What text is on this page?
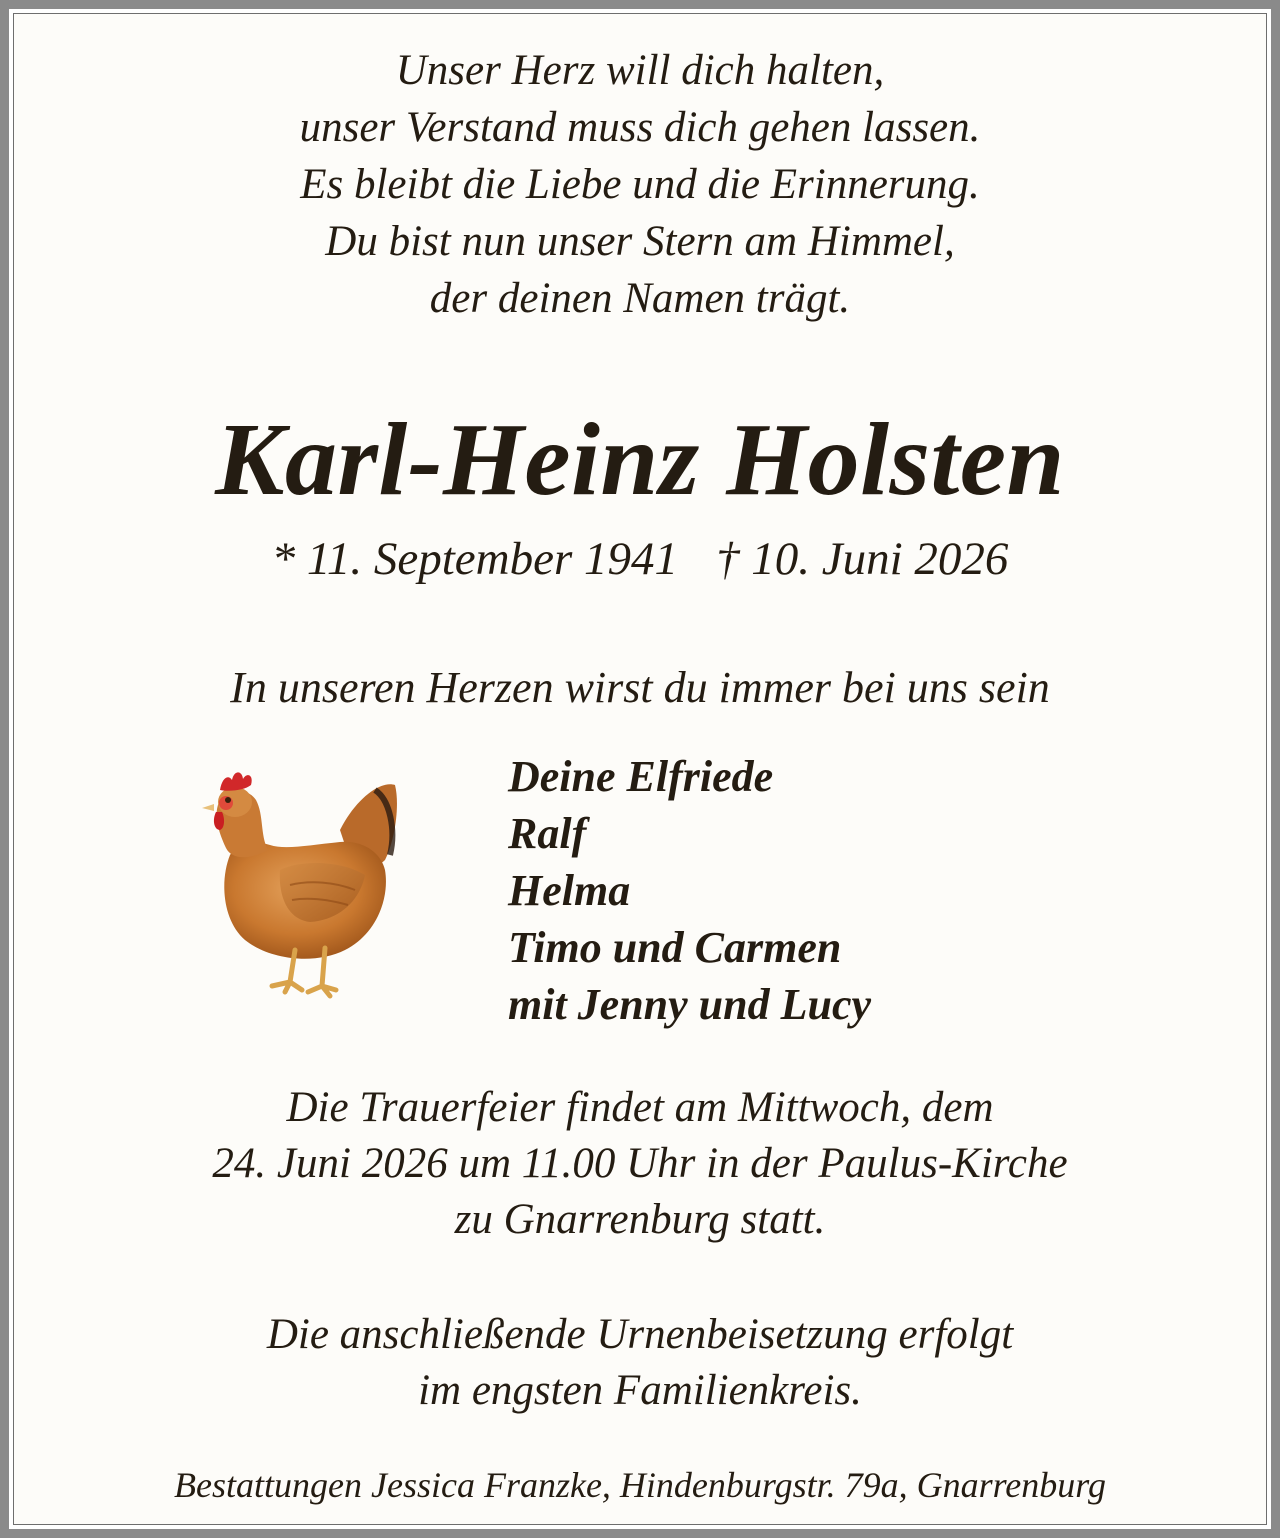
Unser Herz will dich halten,
unser Verstand muss dich gehen lassen.
Es bleibt die Liebe und die Erinnerung.
Du bist nun unser Stern am Himmel,
der deinen Namen trägt.
Karl-Heinz Holsten
* 11. September 1941 † 10. Juni 2026
In unseren Herzen wirst du immer bei uns sein
Deine Elfriede
Ralf
Helma
Timo und Carmen
mit Jenny und Lucy
Die Trauerfeier findet am Mittwoch, dem
24. Juni 2026 um 11.00 Uhr in der Paulus-Kirche
zu Gnarrenburg statt.
Die anschließende Urnenbeisetzung erfolgt
im engsten Familienkreis.
Bestattungen Jessica Franzke, Hindenburgstr. 79a, Gnarrenburg
